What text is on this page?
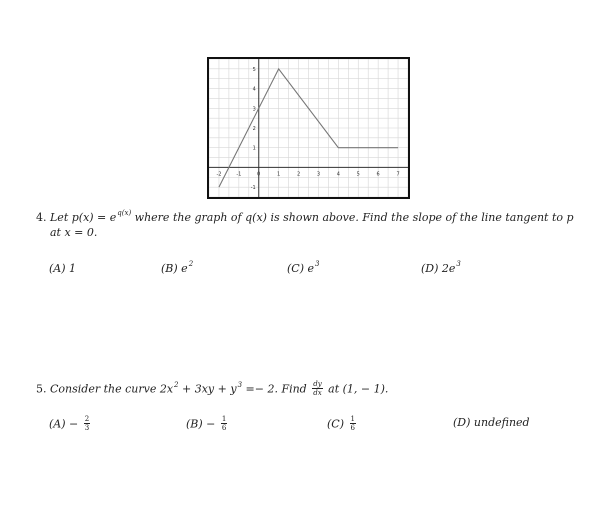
-2	-1	0	1	2	3	4	5	6	7
-1
1
2
3
4
5
4. Let $p(x) = e^{q(x)}$ where the graph of q(x) is shown above. Find the slope of the line tangent to p
at x = 0.
(A) 1	(B) $e^2$	(C) $e^3$	(D) $2e^3$
5. Consider the curve $2x^2 + 3xy + y^3 =- 2$. Find $\frac{dy}{dx}$ at (1, − 1).
$(A) - \frac{2}{3}$	$(B) - \frac{1}{6}$	$(C) \frac{1}{6}$	(D) undefined
